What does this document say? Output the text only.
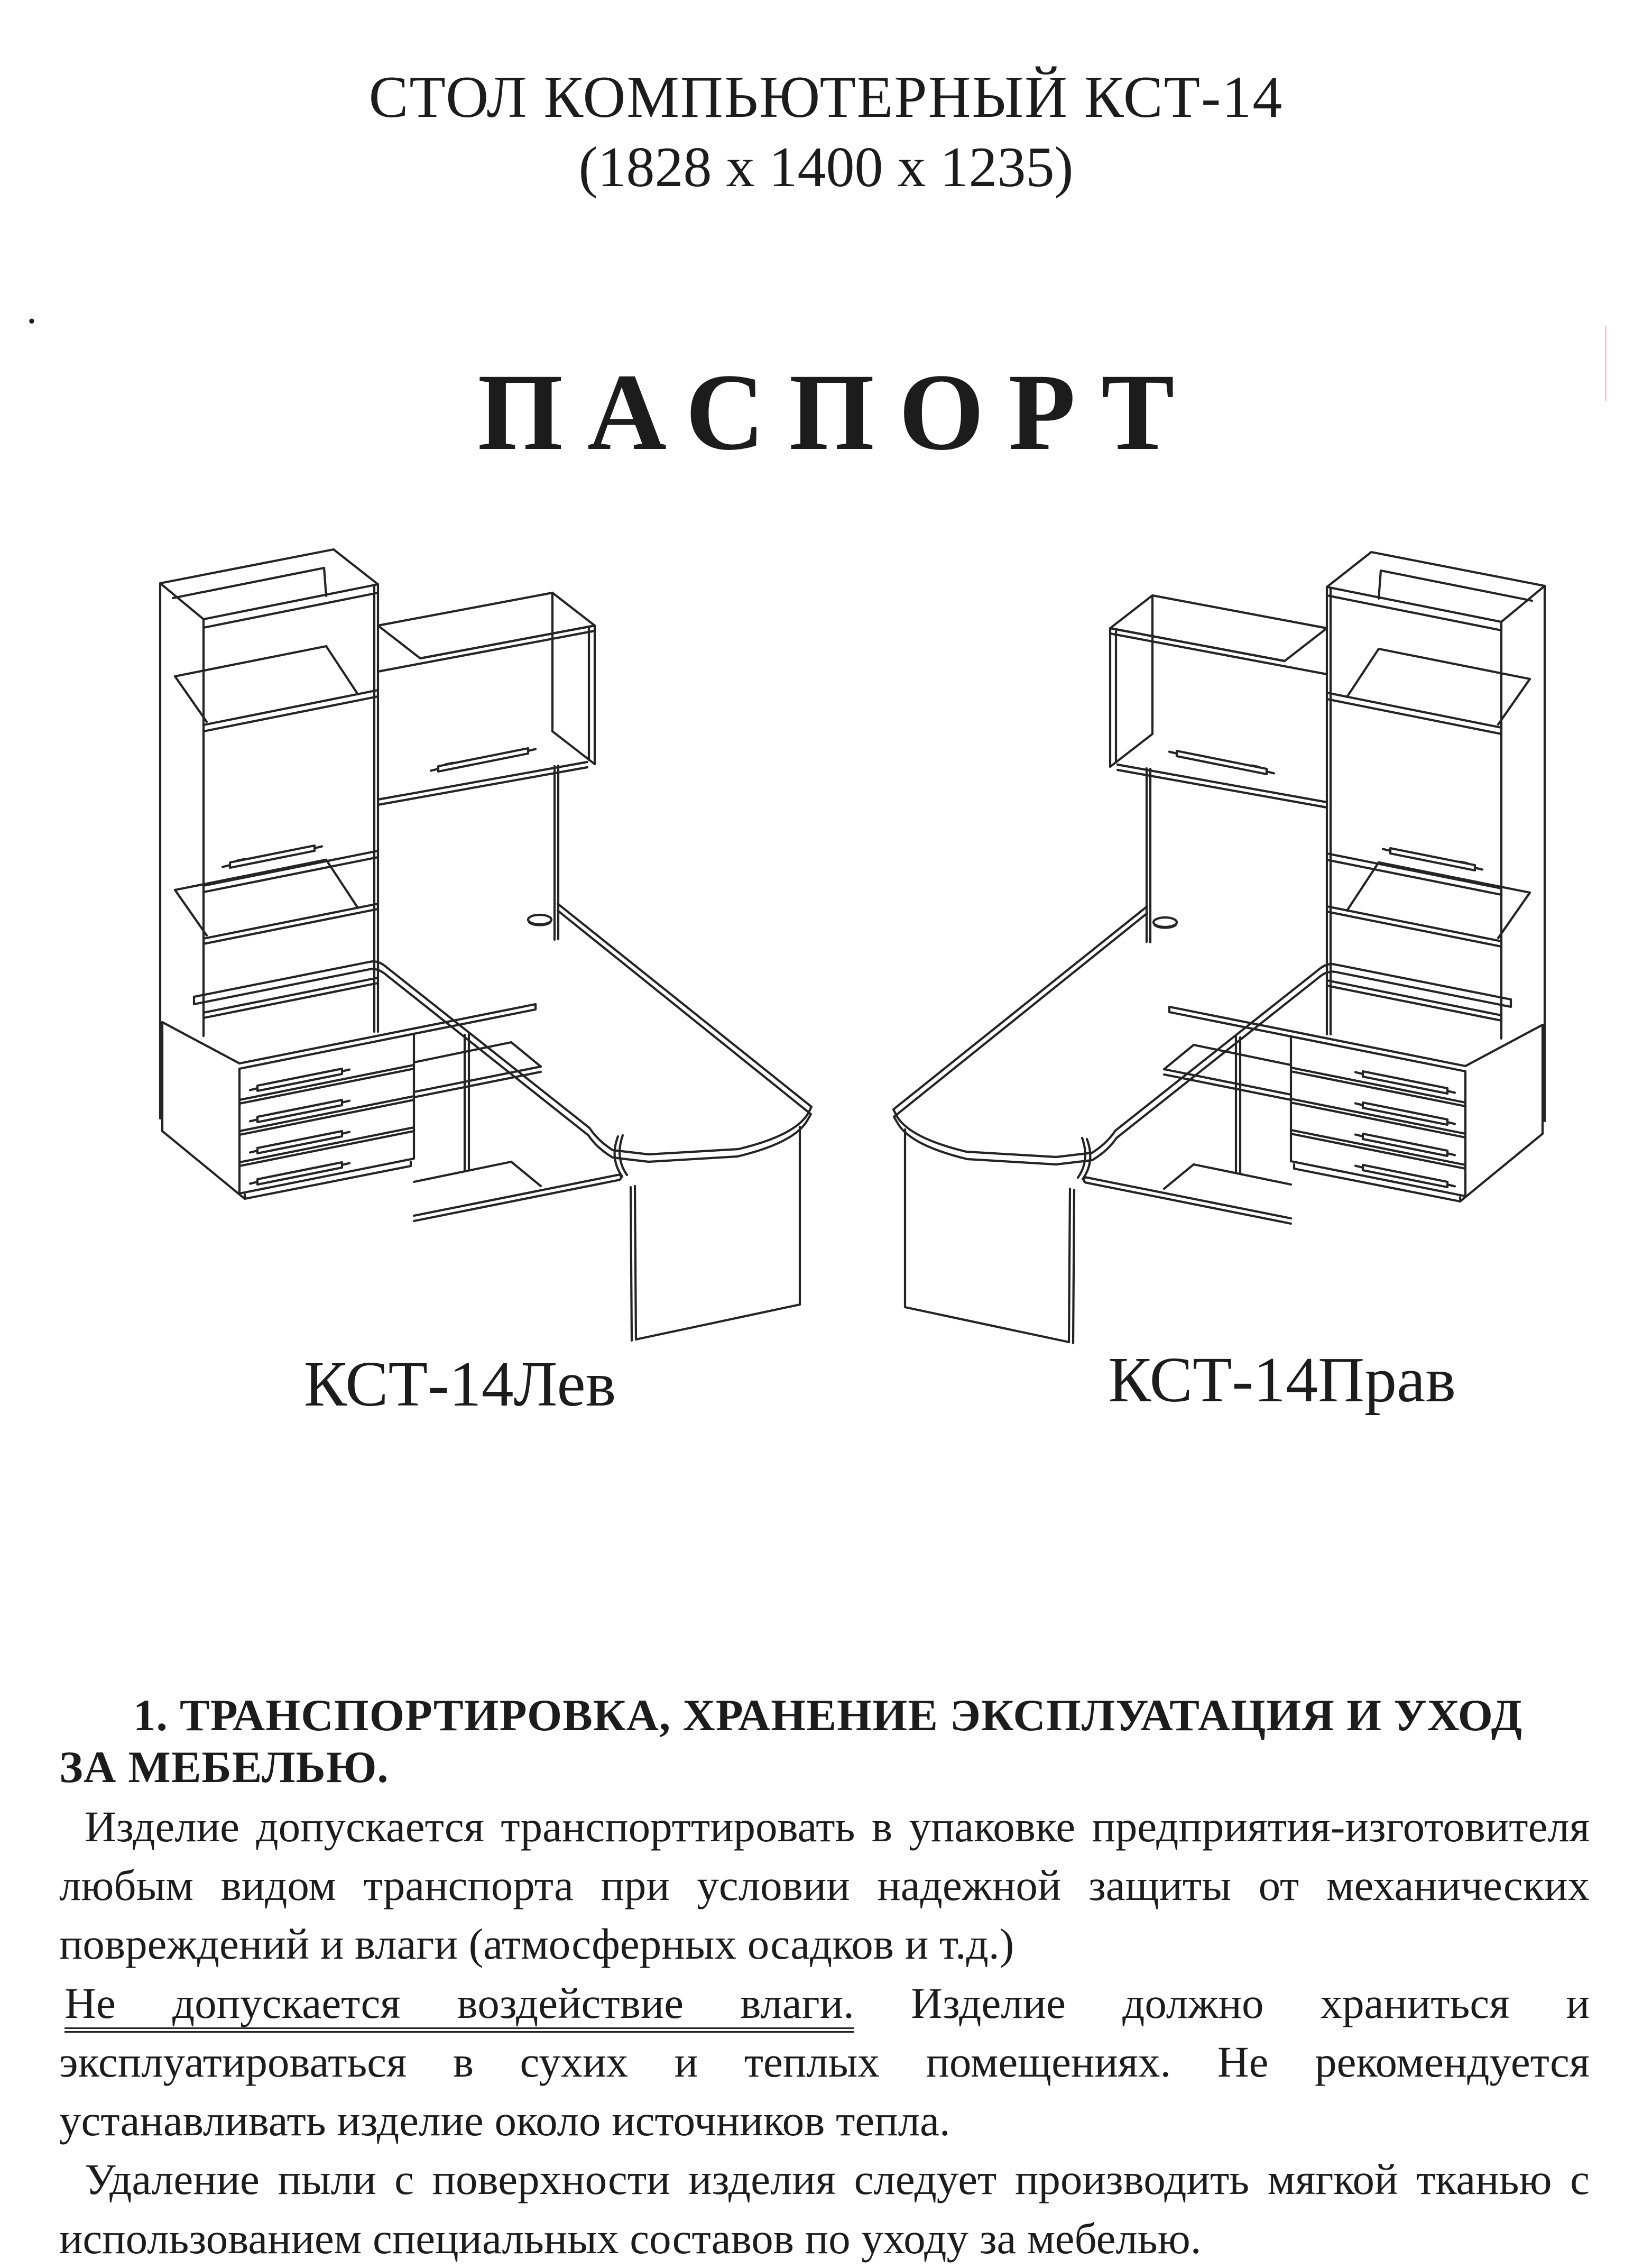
СТОЛ КОМПЬЮТЕРНЫЙ КСТ-14
(1828 х 1400 х 1235)
.
ПАСПОРТ
КСТ-14Лев	КСТ-14Прав
1. ТРАНСПОРТИРОВКА, ХРАНЕНИЕ ЭКСПЛУАТАЦИЯ И УХОД ЗА МЕБЕЛЬЮ.

Изделие допускается транспорттировать в упаковке предприятия-изготовителя любым видом транспорта при условии надежной защиты от механических повреждений и влаги (атмосферных осадков и т.д.)

Не допускается воздействие влаги. Изделие должно храниться и эксплуатироваться в сухих и теплых помещениях. Не рекомендуется устанавливать изделие около источников тепла.

Удаление пыли с поверхности изделия следует производить мягкой тканью с использованием специальных составов по уходу за мебелью.
